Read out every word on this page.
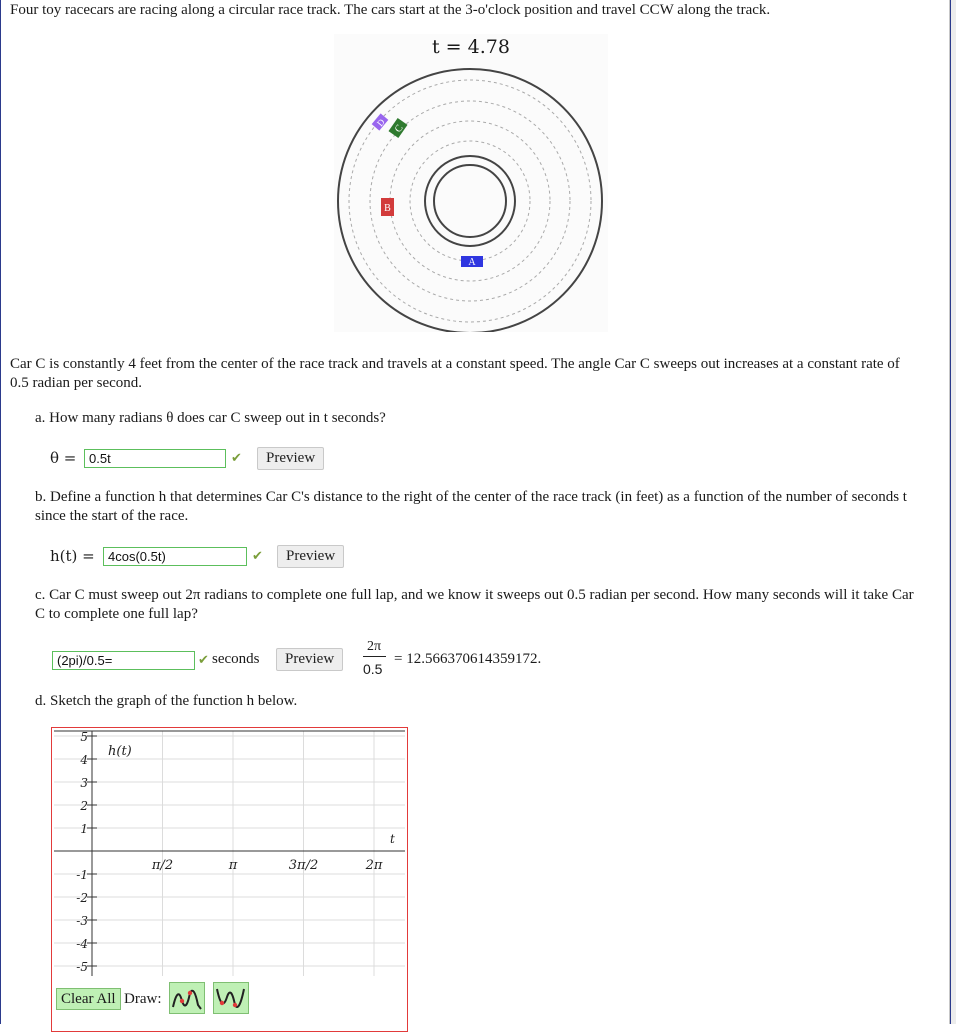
Four toy racecars are racing along a circular race track. The cars start at the 3-o'clock position and travel CCW along the track.
t = 4.78
D
C
B
A
Car C is constantly 4 feet from the center of the race track and travels at a constant speed. The angle Car C sweeps out increases at a constant rate of 0.5 radian per second.
a. How many radians θ does car C sweep out in t seconds?
θ = 0.5t	✔	Preview
b. Define a function h that determines Car C's distance to the right of the center of the race track (in feet) as a function of the number of seconds t since the start of the race.
h(t) =	4cos(0.5t)	✔	Preview
c. Car C must sweep out 2π radians to complete one full lap, and we know it sweeps out 0.5 radian per second. How many seconds will it take Car C to complete one full lap?
(2pi)/0.5=	✔ seconds	Preview
2π
0.5
= 12.566370614359172.
d. Sketch the graph of the function h below.
5
4
3
2
1
-1
-2
-3
-4
-5
π/2	π	3π/2	2π
h(t)
t
Clear All Draw:
